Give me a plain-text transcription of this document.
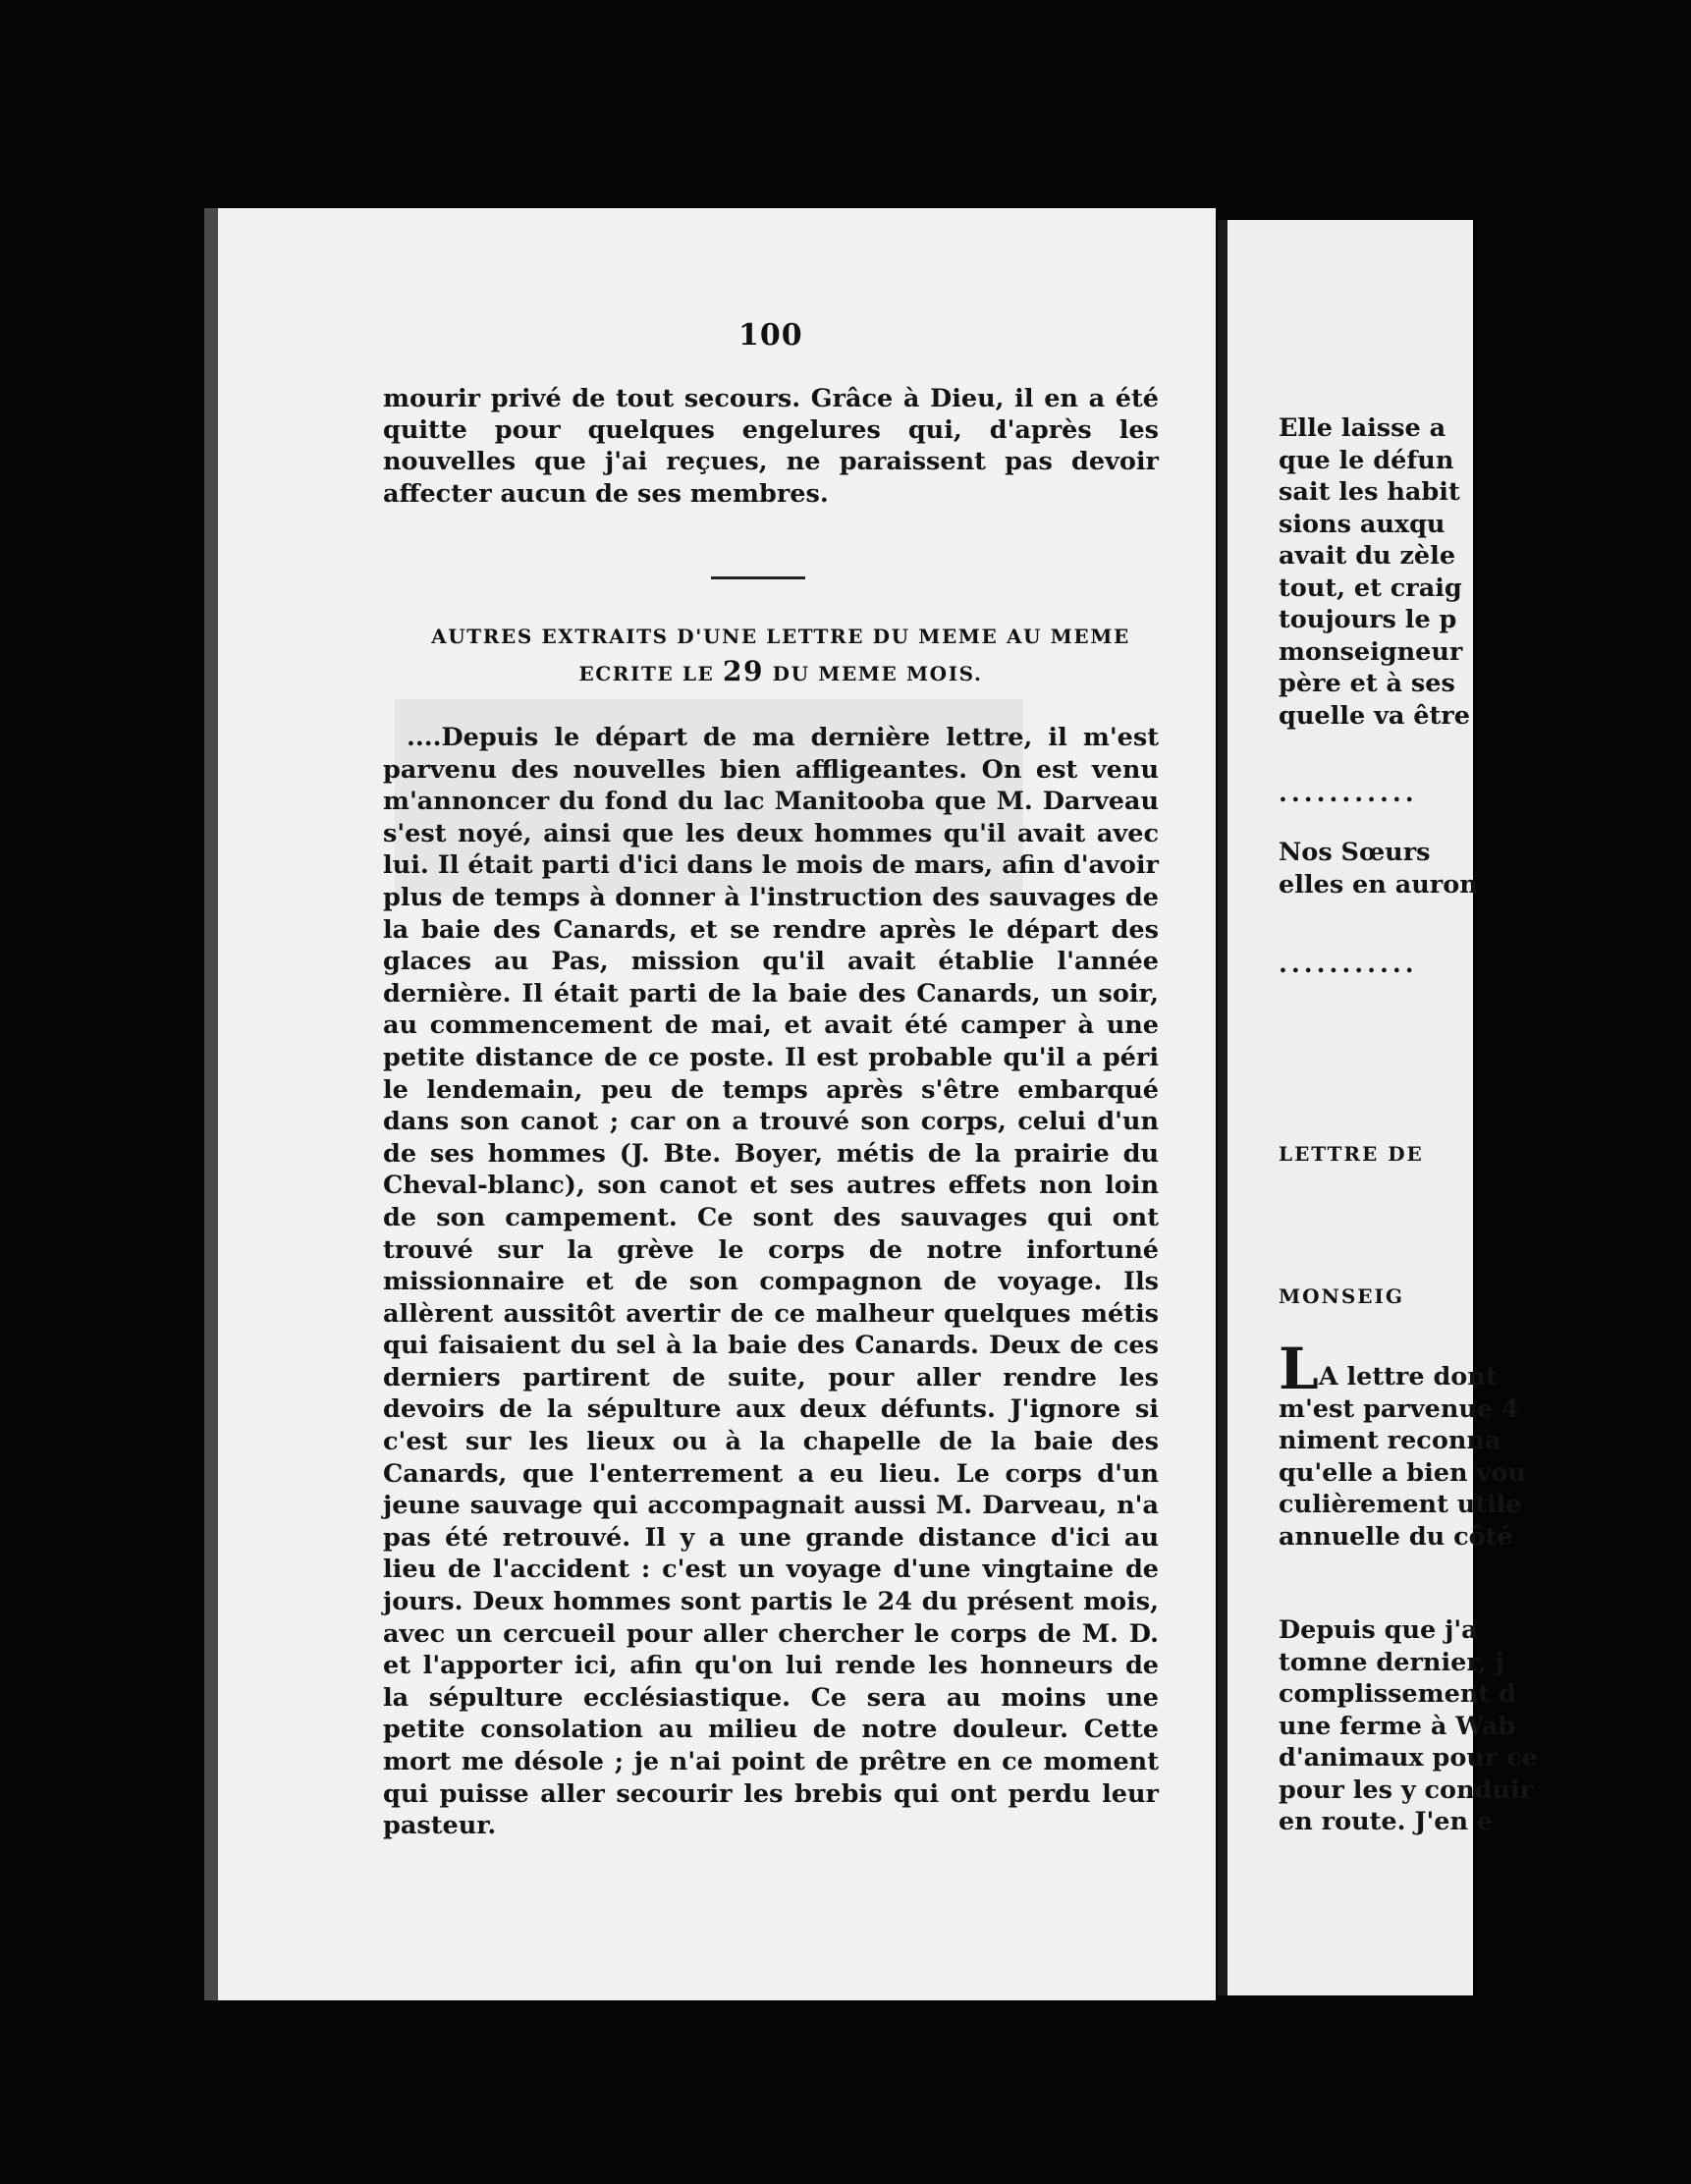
100

mourir privé de tout secours. Grâce à Dieu, il en a été quitte pour quelques engelures qui, d'après les nouvelles que j'ai reçues, ne paraissent pas devoir affecter aucun de ses membres.

AUTRES EXTRAITS D'UNE LETTRE DU MEME AU MEME
ECRITE LE 29 DU MEME MOIS.

....Depuis le départ de ma dernière lettre, il m'est parvenu des nouvelles bien affligeantes. On est venu m'annoncer du fond du lac Manitooba que M. Darveau s'est noyé, ainsi que les deux hommes qu'il avait avec lui. Il était parti d'ici dans le mois de mars, afin d'avoir plus de temps à donner à l'instruction des sauvages de la baie des Canards, et se rendre après le départ des glaces au Pas, mission qu'il avait établie l'année dernière. Il était parti de la baie des Canards, un soir, au commencement de mai, et avait été camper à une petite distance de ce poste. Il est probable qu'il a péri le lendemain, peu de temps après s'être embarqué dans son canot ; car on a trouvé son corps, celui d'un de ses hommes (J. Bte. Boyer, métis de la prairie du Cheval-blanc), son canot et ses autres effets non loin de son campement. Ce sont des sauvages qui ont trouvé sur la grève le corps de notre infortuné missionnaire et de son compagnon de voyage. Ils allèrent aussitôt avertir de ce malheur quelques métis qui faisaient du sel à la baie des Canards. Deux de ces derniers partirent de suite, pour aller rendre les devoirs de la sépulture aux deux défunts. J'ignore si c'est sur les lieux ou à la chapelle de la baie des Canards, que l'enterrement a eu lieu. Le corps d'un jeune sauvage qui accompagnait aussi M. Darveau, n'a pas été retrouvé. Il y a une grande distance d'ici au lieu de l'accident : c'est un voyage d'une vingtaine de jours. Deux hommes sont partis le 24 du présent mois, avec un cercueil pour aller chercher le corps de M. D. et l'apporter ici, afin qu'on lui rende les honneurs de la sépulture ecclésiastique. Ce sera au moins une petite consolation au milieu de notre douleur. Cette mort me désole ; je n'ai point de prêtre en ce moment qui puisse aller secourir les brebis qui ont perdu leur pasteur.

Elle laisse a
que le défun
sait les habit
sions auxqu
avait du zèle
tout, et craig
toujours le p
monseigneur
père et à ses
quelle va être
...........
Nos Sœurs
elles en auron
...........
LETTRE DE
MONSEIG
LA lettre dont
m'est parvenue 4
niment reconna
qu'elle a bien vou
culièrement utile
annuelle du côté
Depuis que j'a
tomne dernier, j
complissement d
une ferme à Wab
d'animaux pour ce
pour les y conduir
en route. J'en e
